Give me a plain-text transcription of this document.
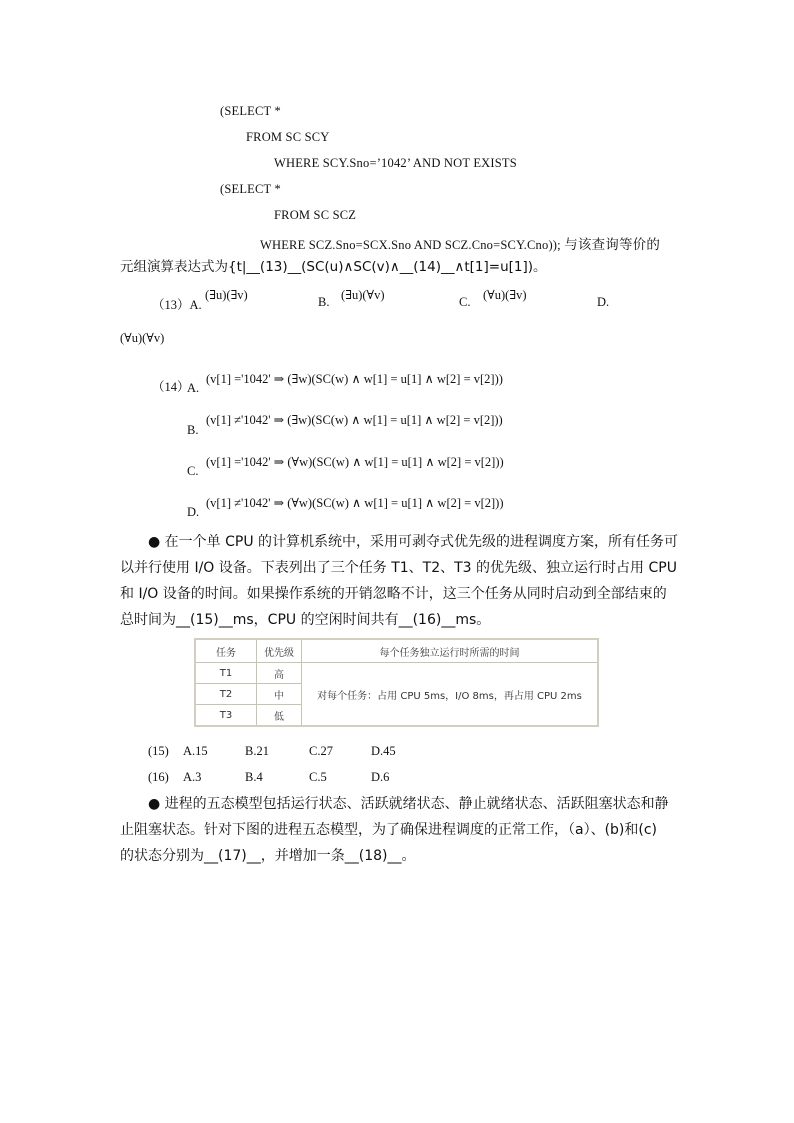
(SELECT *
FROM SC SCY
WHERE SCY.Sno=’1042’ AND NOT EXISTS
(SELECT *
FROM SC SCZ
WHERE SCZ.Sno=SCX.Sno AND SCZ.Cno=SCY.Cno)); 与该查询等价的
元组演算表达式为{t|__(13)__(SC(u)∧SC(v)∧__(14)__∧t[1]=u[1])。
（13）A.
(∃u)(∃v)	B. (∃u)(∀v)	C. (∀u)(∃v)	D.
(∀u)(∀v)
（14）
A.
(v[1] ='1042' ⇒ (∃w)(SC(w) ∧ w[1] = u[1] ∧ w[2] = v[2]))
B.
(v[1] ≠'1042' ⇒ (∃w)(SC(w) ∧ w[1] = u[1] ∧ w[2] = v[2]))
C.
(v[1] ='1042' ⇒ (∀w)(SC(w) ∧ w[1] = u[1] ∧ w[2] = v[2]))
D.
(v[1] ≠'1042' ⇒ (∀w)(SC(w) ∧ w[1] = u[1] ∧ w[2] = v[2]))
● 在一个单 CPU 的计算机系统中，采用可剥夺式优先级的进程调度方案，所有任务可
以并行使用 I/O 设备。下表列出了三个任务 T1、T2、T3 的优先级、独立运行时占用 CPU
和 I/O 设备的时间。如果操作系统的开销忽略不计，这三个任务从同时启动到全部结束的
总时间为__(15)__ms，CPU 的空闲时间共有__(16)__ms。
任务	优先级	每个任务独立运行时所需的时间
T1	高	对每个任务：占用 CPU 5ms，I/O 8ms，再占用 CPU 2ms
T2	中	
T3	低	
(15) A.15	B.21	C.27	D.45
(16) A.3	B.4	C.5	D.6
● 进程的五态模型包括运行状态、活跃就绪状态、静止就绪状态、活跃阻塞状态和静
止阻塞状态。针对下图的进程五态模型，为了确保进程调度的正常工作，（a）、(b)和(c)
的状态分别为__(17)__，并增加一条__(18)__。
